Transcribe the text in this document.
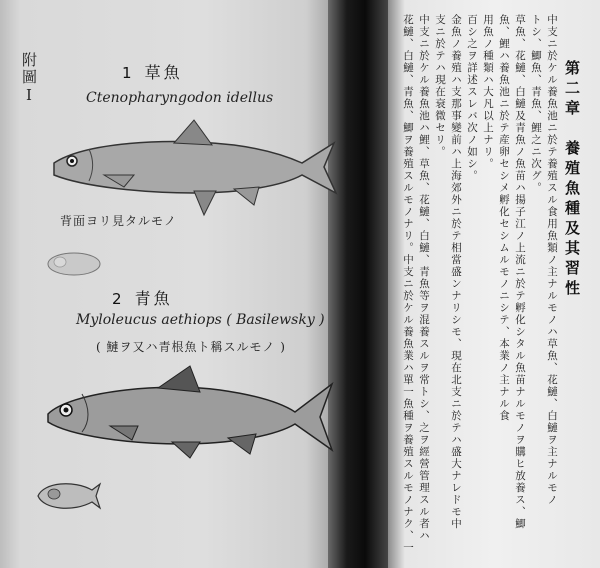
附圖Ⅰ	1 草魚
Ctenopharyngodon idellus
背面ヨリ見タルモノ
2 青魚
Myloleucus aethiops ( Basilewsky )
( 鰱ヲ又ハ青根魚ト稱スルモノ )
第二章　養殖魚種及其習性
中支ニ於ケル養魚池ニ於テ養殖スル食用魚類ノ主ナルモノハ草魚、花鰱、白鰱ヲ主ナルモノ
トシ、鯽魚、青魚、鯉之ニ次グ。
草魚、花鰱、白鰱及青魚ノ魚苗ハ揚子江ノ上流ニ於テ孵化シタル魚苗ナルモノヲ購ヒ放養ス、鯽
魚、鯉ハ養魚池ニ於テ産卵セシメ孵化セシムルモノニシテ、本業ノ主ナル食
用魚ノ種類ハ大凡以上ナリ。
百シ之ヲ詳述スレバ次ノ如シ。
金魚ノ養殖ハ支那事變前ハ上海郊外ニ於テ相當盛ンナリシモ、現在北支ニ於テハ盛大ナレドモ中
支ニ於テハ現在衰微セリ。
中支ニ於ケル養魚池ハ鯉、草魚、花鰱、白鰱、青魚等ヲ混養スルヲ常トシ、之ヲ經營管理スル者ハ
花鰱、白鰱、青魚、鯽ヲ養殖スルモノナリ。中支ニ於ケル養魚業ハ單一魚種ヲ養殖スルモノナク、一
